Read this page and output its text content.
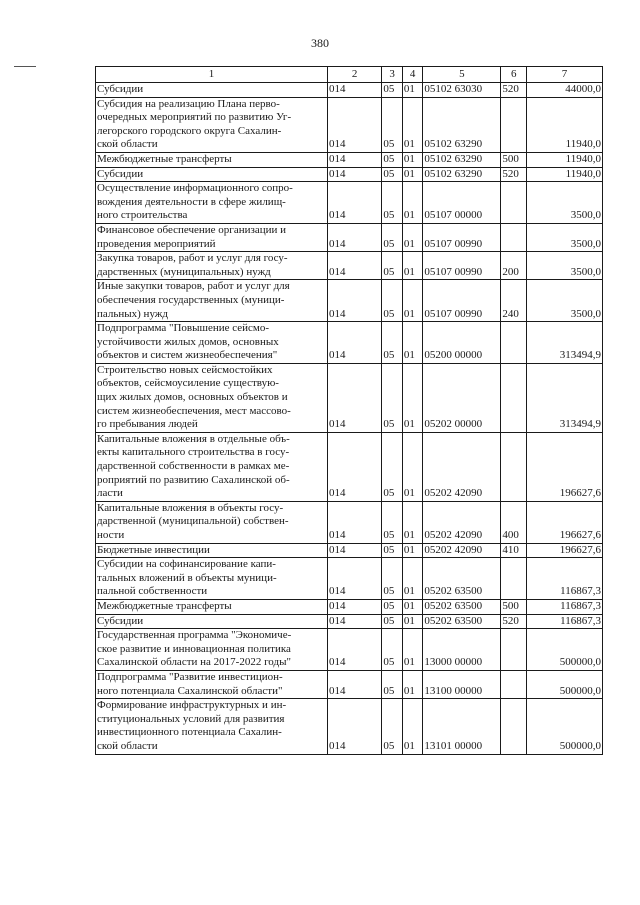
380
1	2	3	4	5	6	7
Субсидии	014	05	01	05102 63030	520	44000,0
Субсидия на реализацию Плана перво-
очередных мероприятий по развитию Уг-
легорского городского округа Сахалин-
ской области	014	05	01	05102 63290		11940,0
Межбюджетные трансферты	014	05	01	05102 63290	500	11940,0
Субсидии	014	05	01	05102 63290	520	11940,0
Осуществление информационного сопро-
вождения деятельности в сфере жилищ-
ного строительства	014	05	01	05107 00000		3500,0
Финансовое обеспечение организации и
проведения мероприятий	014	05	01	05107 00990		3500,0
Закупка товаров, работ и услуг для госу-
дарственных (муниципальных) нужд	014	05	01	05107 00990	200	3500,0
Иные закупки товаров, работ и услуг для
обеспечения государственных (муници-
пальных) нужд	014	05	01	05107 00990	240	3500,0
Подпрограмма "Повышение сейсмо-
устойчивости жилых домов, основных
объектов и систем жизнеобеспечения"	014	05	01	05200 00000		313494,9
Строительство новых сейсмостойких
объектов, сейсмоусиление существую-
щих жилых домов, основных объектов и
систем жизнеобеспечения, мест массово-
го пребывания людей	014	05	01	05202 00000		313494,9
Капитальные вложения в отдельные объ-
екты капитального строительства в госу-
дарственной собственности в рамках ме-
роприятий по развитию Сахалинской об-
ласти	014	05	01	05202 42090		196627,6
Капитальные вложения в объекты госу-
дарственной (муниципальной) собствен-
ности	014	05	01	05202 42090	400	196627,6
Бюджетные инвестиции	014	05	01	05202 42090	410	196627,6
Субсидии на софинансирование капи-
тальных вложений в объекты муници-
пальной собственности	014	05	01	05202 63500		116867,3
Межбюджетные трансферты	014	05	01	05202 63500	500	116867,3
Субсидии	014	05	01	05202 63500	520	116867,3
Государственная программа "Экономиче-
ское развитие и инновационная политика
Сахалинской области на 2017-2022 годы"	014	05	01	13000 00000		500000,0
Подпрограмма "Развитие инвестицион-
ного потенциала Сахалинской области"	014	05	01	13100 00000		500000,0
Формирование инфраструктурных и ин-
ституциональных условий для развития
инвестиционного потенциала Сахалин-
ской области	014	05	01	13101 00000		500000,0
